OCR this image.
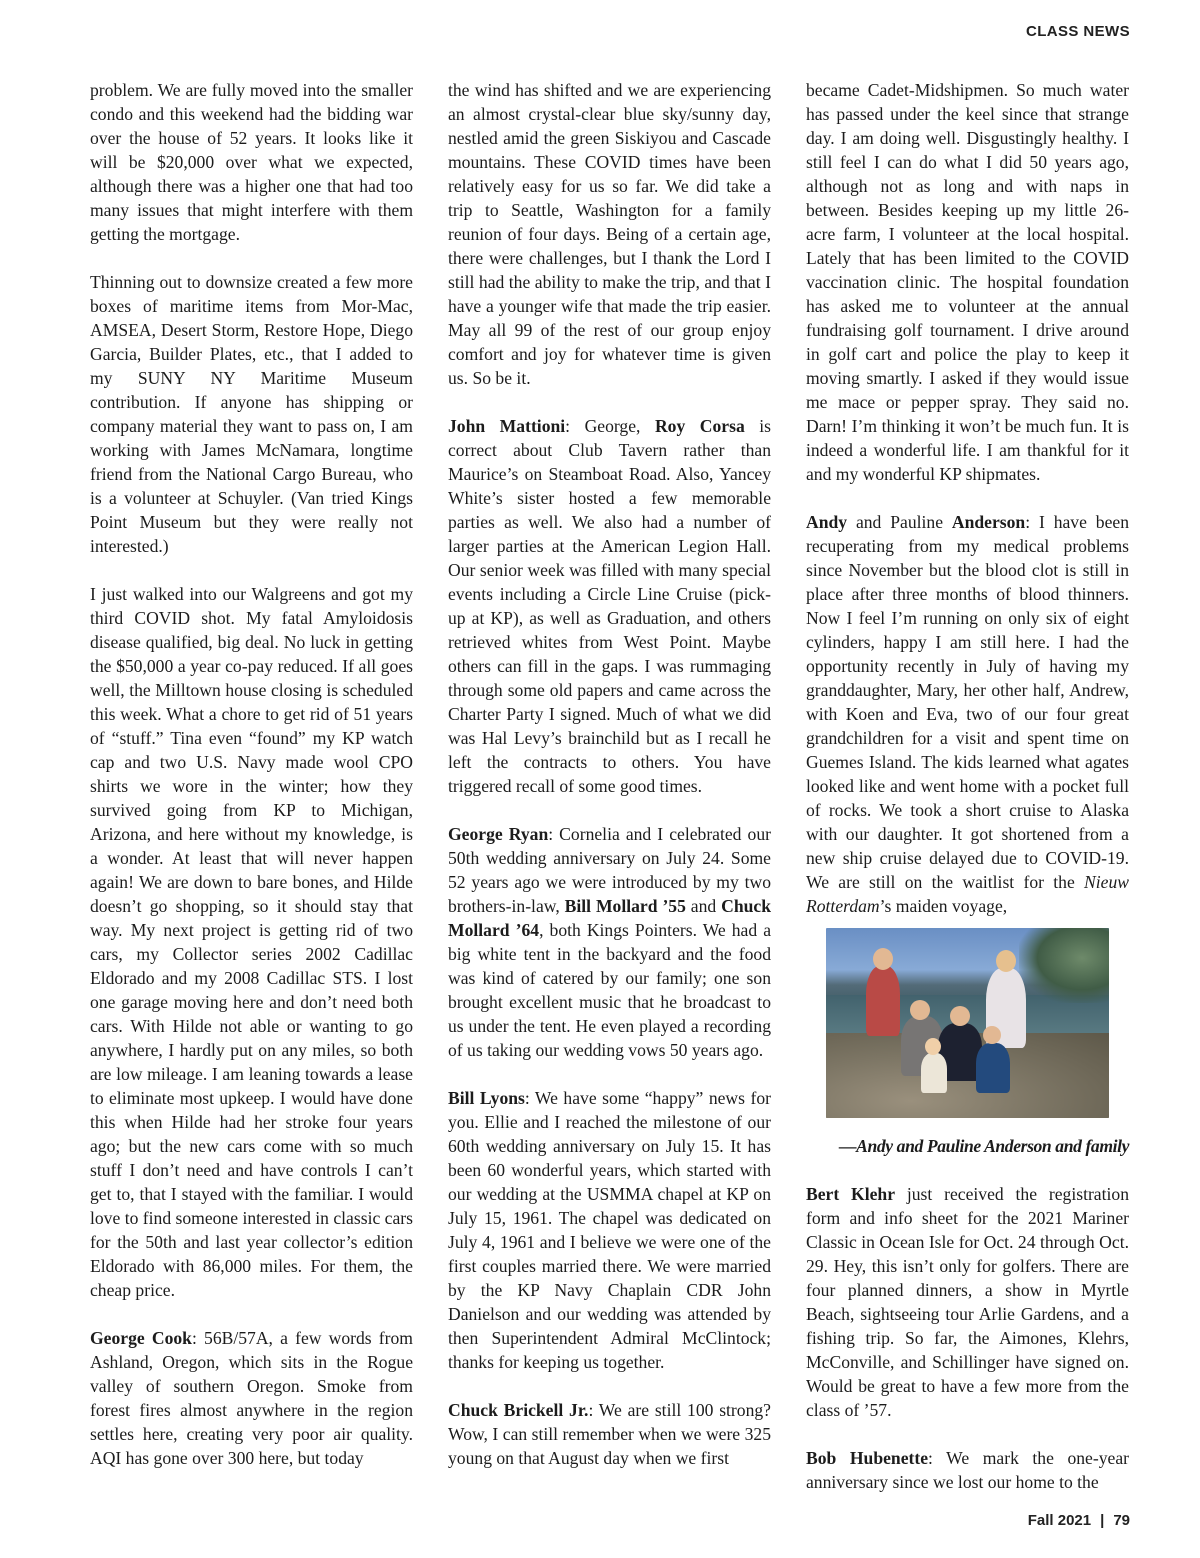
CLASS NEWS

problem. We are fully moved into the smaller condo and this weekend had the bidding war over the house of 52 years. It looks like it will be $20,000 over what we expected, although there was a higher one that had too many issues that might interfere with them getting the mortgage.

Thinning out to downsize created a few more boxes of maritime items from Mor-Mac, AMSEA, Desert Storm, Restore Hope, Diego Garcia, Builder Plates, etc., that I added to my SUNY NY Maritime Museum contribution. If anyone has shipping or company material they want to pass on, I am working with James McNamara, longtime friend from the National Cargo Bureau, who is a volunteer at Schuyler. (Van tried Kings Point Museum but they were really not interested.)

I just walked into our Walgreens and got my third COVID shot. My fatal Amyloidosis disease qualified, big deal. No luck in getting the $50,000 a year co-pay reduced. If all goes well, the Milltown house closing is scheduled this week. What a chore to get rid of 51 years of “stuff.” Tina even “found” my KP watch cap and two U.S. Navy made wool CPO shirts we wore in the winter; how they survived going from KP to Michigan, Arizona, and here without my knowledge, is a wonder. At least that will never happen again! We are down to bare bones, and Hilde doesn’t go shopping, so it should stay that way. My next project is getting rid of two cars, my Collector series 2002 Cadillac Eldorado and my 2008 Cadillac STS. I lost one garage moving here and don’t need both cars. With Hilde not able or wanting to go anywhere, I hardly put on any miles, so both are low mileage. I am leaning towards a lease to eliminate most upkeep. I would have done this when Hilde had her stroke four years ago; but the new cars come with so much stuff I don’t need and have controls I can’t get to, that I stayed with the familiar. I would love to find someone interested in classic cars for the 50th and last year collector’s edition Eldorado with 86,000 miles. For them, the cheap price.

George Cook: 56B/57A, a few words from Ashland, Oregon, which sits in the Rogue valley of southern Oregon. Smoke from forest fires almost anywhere in the region settles here, creating very poor air quality. AQI has gone over 300 here, but today

the wind has shifted and we are experiencing an almost crystal-clear blue sky/sunny day, nestled amid the green Siskiyou and Cascade mountains. These COVID times have been relatively easy for us so far. We did take a trip to Seattle, Washington for a family reunion of four days. Being of a certain age, there were challenges, but I thank the Lord I still had the ability to make the trip, and that I have a younger wife that made the trip easier. May all 99 of the rest of our group enjoy comfort and joy for whatever time is given us. So be it.

John Mattioni: George, Roy Corsa is correct about Club Tavern rather than Maurice’s on Steamboat Road. Also, Yancey White’s sister hosted a few memorable parties as well. We also had a number of larger parties at the American Legion Hall. Our senior week was filled with many special events including a Circle Line Cruise (pick-up at KP), as well as Graduation, and others retrieved whites from West Point. Maybe others can fill in the gaps. I was rummaging through some old papers and came across the Charter Party I signed. Much of what we did was Hal Levy’s brainchild but as I recall he left the contracts to others. You have triggered recall of some good times.

George Ryan: Cornelia and I celebrated our 50th wedding anniversary on July 24. Some 52 years ago we were introduced by my two brothers-in-law, Bill Mollard ’55 and Chuck Mollard ’64, both Kings Pointers. We had a big white tent in the backyard and the food was kind of catered by our family; one son brought excellent music that he broadcast to us under the tent. He even played a recording of us taking our wedding vows 50 years ago.

Bill Lyons: We have some “happy” news for you. Ellie and I reached the milestone of our 60th wedding anniversary on July 15. It has been 60 wonderful years, which started with our wedding at the USMMA chapel at KP on July 15, 1961. The chapel was dedicated on July 4, 1961 and I believe we were one of the first couples married there. We were married by the KP Navy Chaplain CDR John Danielson and our wedding was attended by then Superintendent Admiral McClintock; thanks for keeping us together.

Chuck Brickell Jr.: We are still 100 strong? Wow, I can still remember when we were 325 young on that August day when we first

became Cadet-Midshipmen. So much water has passed under the keel since that strange day. I am doing well. Disgustingly healthy. I still feel I can do what I did 50 years ago, although not as long and with naps in between. Besides keeping up my little 26-acre farm, I volunteer at the local hospital. Lately that has been limited to the COVID vaccination clinic. The hospital foundation has asked me to volunteer at the annual fundraising golf tournament. I drive around in golf cart and police the play to keep it moving smartly. I asked if they would issue me mace or pepper spray. They said no. Darn! I’m thinking it won’t be much fun. It is indeed a wonderful life. I am thankful for it and my wonderful KP shipmates.

Andy and Pauline Anderson: I have been recuperating from my medical problems since November but the blood clot is still in place after three months of blood thinners. Now I feel I’m running on only six of eight cylinders, happy I am still here. I had the opportunity recently in July of having my granddaughter, Mary, her other half, Andrew, with Koen and Eva, two of our four great grandchildren for a visit and spent time on Guemes Island. The kids learned what agates looked like and went home with a pocket full of rocks. We took a short cruise to Alaska with our daughter. It got shortened from a new ship cruise delayed due to COVID-19. We are still on the waitlist for the Nieuw Rotterdam’s maiden voyage,

—Andy and Pauline Anderson and family

Bert Klehr just received the registration form and info sheet for the 2021 Mariner Classic in Ocean Isle for Oct. 24 through Oct. 29. Hey, this isn’t only for golfers. There are four planned dinners, a show in Myrtle Beach, sightseeing tour Arlie Gardens, and a fishing trip. So far, the Aimones, Klehrs, McConville, and Schillinger have signed on. Would be great to have a few more from the class of ’57.

Bob Hubenette: We mark the one-year anniversary since we lost our home to the

Fall 2021 | 79
